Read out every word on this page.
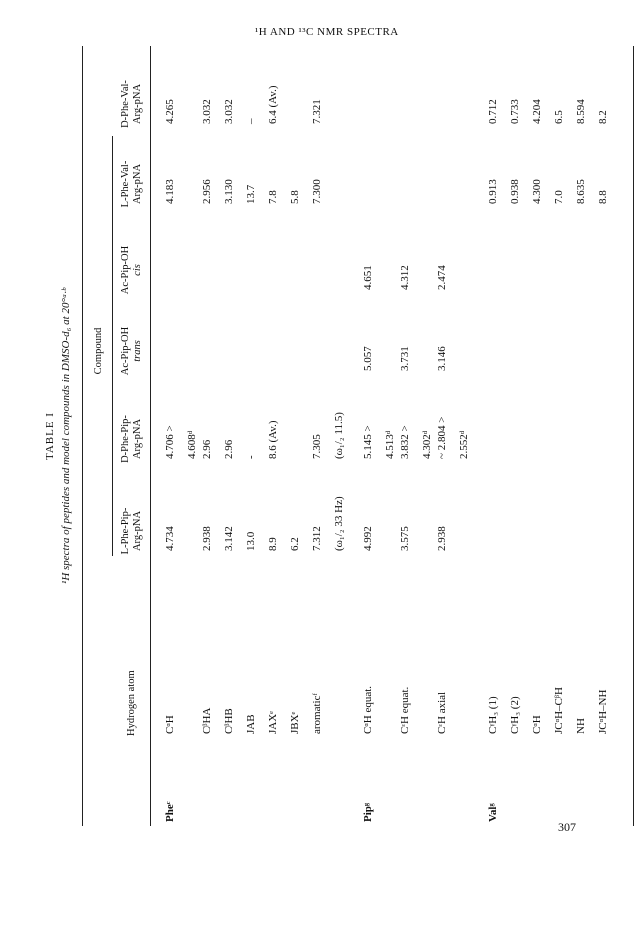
¹H AND ¹³C NMR SPECTRA
TABLE I ¹H spectra of peptides and model compounds in DMSO-d₆ at 20°ᵃ·ᵇ Compound
Hydrogen atom
L-Phe-Pip- Arg-pNA
D-Phe-Pip- Arg-pNA
Ac-Pip-OH trans
Ac-Pip-OH cis
L-Phe-Val- Arg-pNA
D-Phe-Val- Arg-pNA
Pheᶜ
CᵅH
4.734
4.706 >
4.183
4.265
4.608ᵈ
CᵝHA
2.938
2.96
2.956
3.032
CᵝHB
3.142
2.96
3.130
3.032
JAB
13.0
-
13.7
–
JAXᵉ
8.9
8.6 (Av.)
7.8
6.4 (Av.)
JBXᵉ
6.2
5.8
aromaticᶠ
7.312
7.305
7.300
7.321
(ω₁/₂ 33 Hz)
(ω₁/₂ 11.5)
Pipᵍ
CᵅH equat.
4.992
5.145 >
5.057
4.651
4.513ᵈ
CᵋH equat.
3.575
3.832 >
3.731
4.312
4.302ᵈ
CᵋH axial
2.938
~ 2.804 >
3.146
2.474
2.552ᵈ
Valᵍ
CᵞH₃ (1)
0.913
0.712
CᵞH₃ (2)
0.938
0.733
CᵅH
4.300
4.204
JCᵅH–CᵝH
7.0
6.5
NH
8.635
8.594
JCᵅH–NH
8.8
8.2
307
